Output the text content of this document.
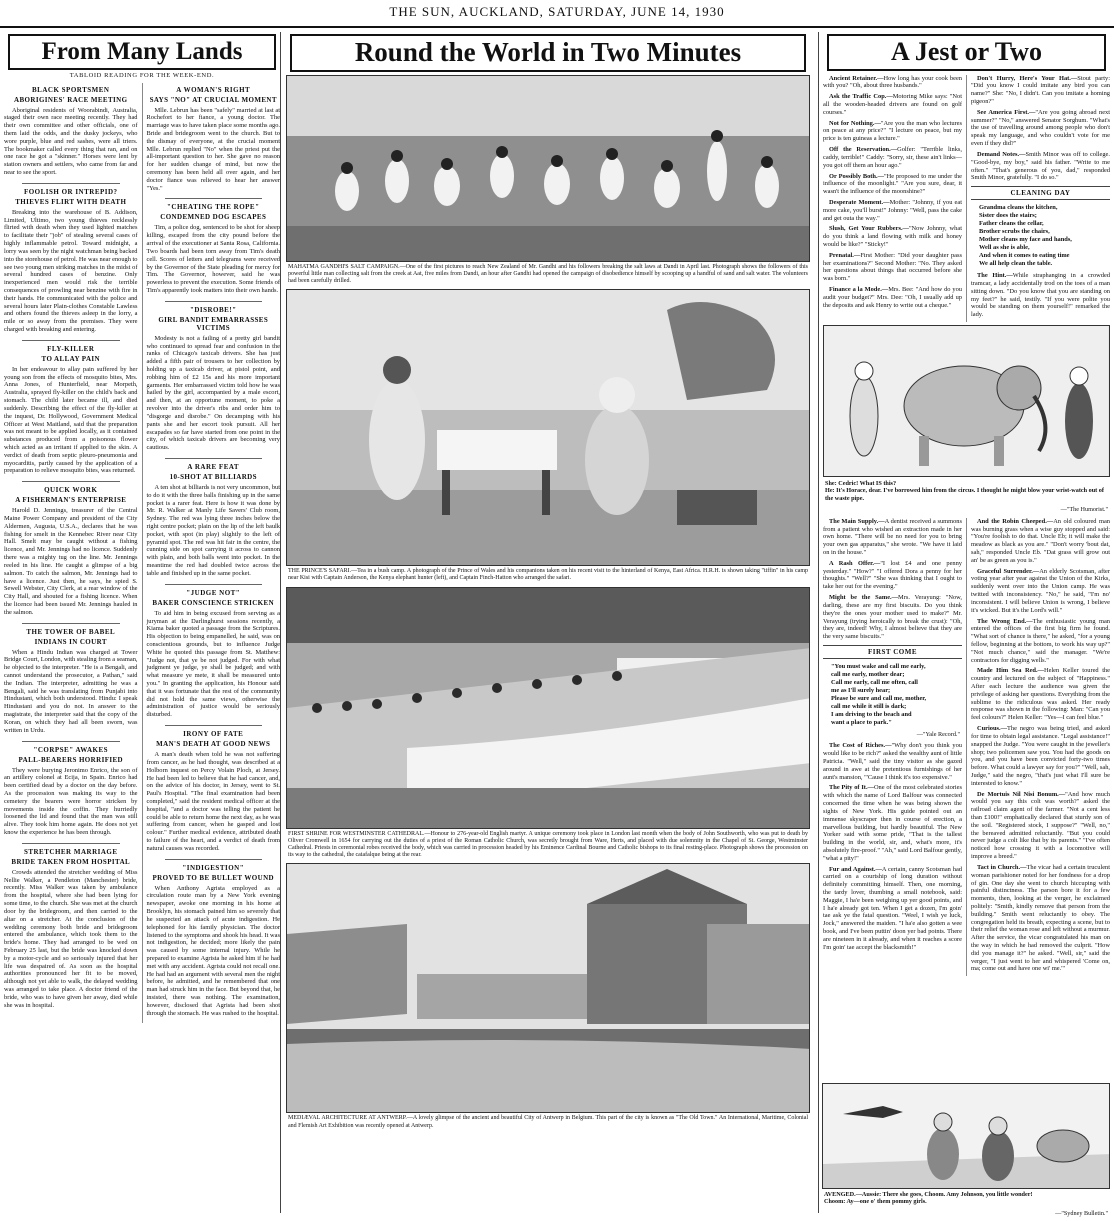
THE SUN, AUCKLAND, SATURDAY, JUNE 14, 1930
From Many Lands
TABLOID READING FOR THE WEEK-END.
BLACK SPORTSMEN
ABORIGINES' RACE MEETING

Aboriginal residents of Woorabindi, Australia, staged their own race meeting recently. They had their own committee and other officials, one of them laid the odds, and the dusky jockeys, who wore purple, blue and red sashes, were all triers. The bookmaker called every thing that ran, and on one race he got a "skinner." Horses were lent by station owners and settlers, who came from far and near to see the sport.

FOOLISH OR INTREPID?
THIEVES FLIRT WITH DEATH

Breaking into the warehouse of B. Addison, Limited, Ultimo, two young thieves recklessly flirted with death when they used lighted matches to facilitate their "job" of stealing several cases of highly inflammable petrol. Toward midnight, a lorry was seen by the night watchman being backed into the storehouse of petrol. He was near enough to see two young men striking matches in the midst of several hundred cases of benzine. Only inexperienced men would risk the terrible consequences of prowling near benzine with fire in their hands. He communicated with the police and several hours later Plain-clothes Constable Lawless and others found the thieves asleep in the lorry, a mile or so away from the premises. They were charged with breaking and entering.

FLY-KILLER
TO ALLAY PAIN

In her endeavour to allay pain suffered by her young son from the effects of mosquito bites, Mrs. Anna Jones, of Hunterfield, near Morpeth, Australia, sprayed fly-killer on the child's back and stomach. The child later became ill, and died suddenly. Describing the effect of the fly-killer at the inquest, Dr. Hollywood, Government Medical Officer at West Maitland, said that the preparation was not meant to be applied locally, as it contained substances produced from a poisonous flower which acted as an irritant if applied to the skin. A verdict of death from septic pleuro-pneumonia and myocarditis, partly caused by the application of a preparation to relieve mosquito bites, was returned.

QUICK WORK
A FISHERMAN'S ENTERPRISE

Harold D. Jennings, treasurer of the Central Maine Power Company and president of the City Aldermen, Augusta, U.S.A., declares that he was fishing for smelt in the Kennebec River near City Hall. Smelt may be caught without a fishing licence, and Mr. Jennings had no licence. Suddenly there was a mighty tug on the line. Mr. Jennings reeled in his line. He caught a glimpse of a big salmon. To catch the salmon, Mr. Jennings had to have a licence. Just then, he says, he spied S. Sewell Webster, City Clerk, at a rear window of the City Hall, and shouted for a fishing licence. When the licence had been issued Mr. Jennings hauled in the salmon.

THE TOWER OF BABEL
INDIANS IN COURT

When a Hindu Indian was charged at Tower Bridge Court, London, with stealing from a seaman, he objected to the interpreter. "He is a Bengali, and cannot understand the prosecutor, a Pathan," said the Indian. The interpreter, admitting he was a Bengali, said he was translating from Punjabi into Hindustani, which both understood. Hindu: I speak Hindustani and you do not. In answer to the magistrate, the interpreter said that the copy of the Koran, on which they had all been sworn, was written in Urdu.

"CORPSE" AWAKES
PALL-BEARERS HORRIFIED

They were burying Jeronimo Enrico, the son of an artillery colonel at Ecija, in Spain. Enrico had been certified dead by a doctor on the day before. As the procession was making its way to the cemetery the bearers were horror stricken by movements inside the coffin. They hurriedly loosened the lid and found that the man was still alive. They took him home again. He does not yet know the experience he has been through.

STRETCHER MARRIAGE
BRIDE TAKEN FROM HOSPITAL

Crowds attended the stretcher wedding of Miss Nellie Walker, a Pendleton (Manchester) bride, recently. Miss Walker was taken by ambulance from the hospital, where she had been lying for some time, to the church. She was met at the church door by the bridegroom, and then carried to the altar on a stretcher. At the conclusion of the wedding ceremony both bride and bridegroom entered the ambulance, which took them to the bride's home. They had arranged to be wed on February 25 last, but the bride was knocked down by a motor-cycle and so seriously injured that her life was despaired of. As soon as the hospital authorities pronounced her fit to be moved, although not yet able to walk, the delayed wedding was arranged to take place. A doctor friend of the bride, who was to have given her away, died while she was in hospital.

A WOMAN'S RIGHT
SAYS "NO" AT CRUCIAL MOMENT

Mlle. Lebrun has been "safely" married at last at Rochefort to her fiance, a young doctor. The marriage was to have taken place some months ago. Bride and bridegroom went to the church. But to the dismay of everyone, at the crucial moment Mlle. Lebrun replied "No" when the priest put the all-important question to her. She gave no reason for her sudden change of mind, but now the ceremony has been held all over again, and her doctor fiance was relieved to hear her answer "Yes."

"CHEATING THE ROPE"
CONDEMNED DOG ESCAPES

Tim, a police dog, sentenced to be shot for sheep killing, escaped from the city pound before the arrival of the executioner at Santa Rosa, California. Two boards had been torn away from Tim's death cell. Scores of letters and telegrams were received by the Governor of the State pleading for mercy for Tim. The Governor, however, said he was powerless to prevent the execution. Some friends of Tim's apparently took matters into their own hands.

"DISROBE!"
GIRL BANDIT EMBARRASSES VICTIMS

Modesty is not a failing of a pretty girl bandit who continued to spread fear and confusion in the ranks of Chicago's taxicab drivers. She has just added a fifth pair of trousers to her collection by holding up a taxicab driver, at pistol point, and robbing him of £2 15s and his more important garments. Her embarrassed victim told how he was hailed by the girl, accompanied by a male escort, and then, at an opportune moment, to poke a revolver into the driver's ribs and order him to "disgorge and disrobe." On decamping with his pants she and her escort took pursuit. All her escapades so far have started from one point in the city, of which taxicab drivers are becoming very cautious.

A RARE FEAT
10-SHOT AT BILLIARDS

A ten shot at billiards is not very uncommon, but to do it with the three balls finishing up in the same pocket is a rarer feat. Here is how it was done by Mr. R. Walker at Manly Life Savers' Club room, Sydney. The red was lying three inches below the right centre pocket; plain on the lip of the left baulk pocket, with spot (in play) slightly to the left of pyramid spot. The red was hit fair in the centre, the cunning side on spot carrying it across to cannon with plain, and both balls went into pocket. In the meantime the red had doubled twice across the table and finished up in the same pocket.

"JUDGE NOT"
BAKER CONSCIENCE STRICKEN

To aid him in being excused from serving as a juryman at the Darlinghurst sessions recently, a Kiama baker quoted a passage from the Scriptures. His objection to being empanelled, he said, was on conscientious grounds, but to influence Judge White he quoted this passage from St. Matthew: "Judge not, that ye be not judged. For with what judgment ye judge, ye shall be judged; and with what measure ye mete, it shall be measured unto you." In granting the application, his Honour said that it was fortunate that the rest of the community did not hold the same views, otherwise the administration of justice would be seriously disturbed.

IRONY OF FATE
MAN'S DEATH AT GOOD NEWS

A man's death when told he was not suffering from cancer, as he had thought, was described at a Holborn inquest on Percy Volain Ploch, at Jersey. He had been led to believe that he had cancer, and, on the advice of his doctor, in Jersey, went to St. Paul's Hospital. "The final examination had been completed," said the resident medical officer at the hospital, "and a doctor was telling the patient he could be able to return home the next day, as he was suffering from cancer, when he gasped and lost colour." Further medical evidence, attributed death to failure of the heart, and a verdict of death from natural causes was recorded.

"INDIGESTION"
PROVED TO BE BULLET WOUND

When Anthony Agrista employed as a circulation route man by a New York evening newspaper, awoke one morning in his home at Brooklyn, his stomach pained him so severely that he suspected an attack of acute indigestion. He telephoned for his family physician. The doctor listened to the symptoms and shook his head. It was not indigestion, he decided; more likely the pain was caused by some internal injury. While he prepared to examine Agrista he asked him if he had met with any accident. Agrista could not recall one. He had had an argument with several men the night before, he admitted, and he remembered that one man had struck him in the face. But beyond that, he insisted, there was nothing. The examination, however, disclosed that Agrista had been shot through the stomach. He was rushed to the hospital.

Round the World in Two Minutes
MAHATMA GANDHI'S SALT CAMPAIGN.—One of the first pictures to reach New Zealand of Mr. Gandhi and his followers breaking the salt laws at Dandi in April last. Photograph shows the followers of this powerful little man collecting salt from the creek at Aat, five miles from Dandi, an hour after Gandhi had opened the campaign of disobedience himself by scooping up a handful of sand and salt water. The volunteers had been carefully drilled.
THE PRINCE'S SAFARI.—Tea in a bush camp. A photograph of the Prince of Wales and his companions taken on his recent visit to the hinterland of Kenya, East Africa. H.R.H. is shown taking "tiffin" in his camp near Kisi with Captain Anderson, the Kenya elephant hunter (left), and Captain Finch-Hatton who arranged the safari.
FIRST SHRINE FOR WESTMINSTER CATHEDRAL.—Honour to 276-year-old English martyr. A unique ceremony took place in London last month when the body of John Southworth, who was put to death by Oliver Cromwell in 1654 for carrying out the duties of a priest of the Roman Catholic Church, was secretly brought from Ware, Herts, and placed with due solemnity in the Chapel of St. George, Westminster Cathedral. Priests in ceremonial robes received the body, which was carried in procession headed by his Eminence Cardinal Bourne and Catholic bishops to its final resting-place. Photograph shows the procession on its way to the cathedral, the catafalque being at the rear.
MEDIÆVAL ARCHITECTURE AT ANTWERP.—A lovely glimpse of the ancient and beautiful City of Antwerp in Belgium. This part of the city is known as "The Old Town." An International, Maritime, Colonial and Flemish Art Exhibition was recently opened at Antwerp.
A Jest or Two

Ancient Retainer.—How long has your cook been with you? "Oh, about three husbands."

Ask the Traffic Cop.—Motoring Mike says: "Not all the wooden-headed drivers are found on golf courses."

Not for Nothing.—"Are you the man who lectures on peace at any price?" "I lecture on peace, but my price is ten guineas a lecture."

Off the Reservation.—Golfer: "Terrible links, caddy, terrible!" Caddy: "Sorry, sir, these ain't links—you got off them an hour ago."

Or Possibly Both.—"He proposed to me under the influence of the moonlight." "Are you sure, dear, it wasn't the influence of the moonshine?"

Desperate Moment.—Mother: "Johnny, if you eat more cake, you'll burst!" Johnny: "Well, pass the cake and get outa the way."

Slush, Get Your Rubbers.—"Now Johnny, what do you think a land flowing with milk and honey would be like?" "Sticky!"

Prenatal.—First Mother: "Did your daughter pass her examinations?" Second Mother: "No. They asked her questions about things that occurred before she was born."

Finance a la Mode.—Mrs. Bee: "And how do you audit your budget?" Mrs. Dee: "Oh, I usually add up the deposits and ask Henry to write out a cheque."

Don't Hurry, Here's Your Hat.—Stout party: "Did you know I could imitate any bird you can name?" She: "No, I didn't. Can you imitate a homing pigeon?"

See America First.—"Are you going abroad next summer?" "No," answered Senator Sorghum. "What's the use of travelling around among people who don't speak my language, and who couldn't vote for me even if they did?"

Demand Notes.—Smith Minor was off to college. "Good-bye, my boy," said his father. "Write to me often." "That's generous of you, dad," responded Smith Minor, gratefully. "I do so."

CLEANING DAY
Grandma cleans the kitchen,
Sister does the stairs;
Father cleans the cellar,
Brother scrubs the chairs,
Mother cleans my face and hands,
Well as she is able,
And when it comes to eating time
We all help clean the table.

The Hint.—While straphanging in a crowded tramcar, a lady accidentally trod on the toes of a man sitting down. "Do you know that you are standing on my feet?" he said, testily. "If you were polite you would be standing on them yourself!" remarked the lady.

She: Cedric! What IS this?
He: It's Horace, dear. I've borrowed him from the circus. I thought he might blow your wrist-watch out of the waste pipe.
—"The Humorist."

The Main Supply.—A dentist received a summons from a patient who wished an extraction made in her own home. "There will be no need for you to bring your own gas apparatus," she wrote. "We have it laid on in the house."

A Rash Offer.—"I lost £4 and one penny yesterday." "How?" "I offered Dora a penny for her thoughts." "Well?" "She was thinking that I ought to take her out for the evening."

Might be the Same.—Mrs. Verayung: "Now, darling, these are my first biscuits. Do you think they're the ones your mother used to make?" Mr. Verayung (trying heroically to break the crust): "Oh, they are, indeed! Why, I almost believe that they are the very same biscuits."

FIRST COME
"You must wake and call me early,
call me early, mother dear;
Call me early, call me often, call
me as I'll surely hear;
Please be sure and call me, mother,
call me while it still is dark;
I am driving to the beach and
want a place to park."
—"Yale Record."

The Cost of Riches.—"Why don't you think you would like to be rich?" asked the wealthy aunt of little Patricia. "Well," said the tiny visitor as she gazed around in awe at the pretentious furnishings of her aunt's mansion, "'Cause I think it's too expensive."

The Pity of It.—One of the most celebrated stories with which the name of Lord Balfour was connected concerned the time when he was being shown the sights of New York. His guide pointed out an immense skyscraper then in course of erection, a marvellous building, but hardly beautiful. The New Yorker said with some pride, "That is the tallest building in the world, sir, and, what's more, it's absolutely fire-proof." "Ah," said Lord Balfour gently, "what a pity!"

Fur and Against.—A certain, canny Scotsman had carried on a courtship of long duration without definitely committing himself. Then, one morning, the tardy lover, thumbing a small notebook, said: Maggie, I ha'e been weighing up yer good points, and I ha'e already got ten. When I get a dozen, I'm goin' tae ask ye the fatal question. "Weel, I wish ye luck, Jock," answered the maiden. "I ha'e also gotten a wee book, and I've been puttin' doon yer bad points. There are nineteen in it already, and when it reaches a score I'm goin' tae accept the blacksmith!"

And the Robin Cheeped.—An old coloured man was burning grass when a wise guy stopped and said: "You're foolish to do that. Uncle Eb; it will make the meadow as black as you are." "Don't worry 'bout dat, sah," responded Uncle Eb. "Dat grass will grow out an' be as green as you is."

Graceful Surrender.—An elderly Scotsman, after voting year after year against the Union of the Kirks, suddenly went over into the Union camp. He was twitted with inconsistency. "No," he said, "I'm no' inconsistent. I will believe Union is wrong, I believe it's wicked. But it's the Lord's will."

The Wrong End.—The enthusiastic young man entered the offices of the first big firm he found. "What sort of chance is there," he asked, "for a young fellow, beginning at the bottom, to work his way up?" "Not much chance," said the manager. "We're contractors for digging wells."

Made Him Sea Red.—Helen Keller toured the country and lectured on the subject of "Happiness." After each lecture the audience was given the privilege of asking her questions. Everything from the sublime to the ridiculous was asked. Her ready response was shown in the following: Man: "Can you feel colours?" Helen Keller: "Yes—I can feel blue."

Curious.—The negro was being tried, and asked for time to obtain legal assistance. "Legal assistance!" snapped the Judge. "You were caught in the jeweller's shop; two policemen saw you. You had the goods on you, and you have been convicted forty-two times before. What could a lawyer say for you?" "Well, sah, Judge," said the negro, "that's just what I'll sure be interested to know."

De Mortuis Nil Nisi Bonum.—"And how much would you say this colt was worth?" asked the railroad claim agent of the farmer. "Not a cent less than £100!" emphatically declared that sturdy son of the soil. "Registered stock, I suppose?" "Well, no," the bereaved admitted reluctantly. "But you could never judge a colt like that by its parents." "I've often noticed how crossing it with a locomotive will improve a breed."

Tact in Church.—The vicar had a certain truculent woman parishioner noted for her fondness for a drop of gin. One day she went to church hiccuping with painful distinctness. The parson bore it for a few moments, then, looking at the verger, he exclaimed politely: "Smith, kindly remove that person from the building." Smith went reluctantly to obey. The congregation held its breath, expecting a scene, but to their relief the woman rose and left without a murmur. After the service, the vicar congratulated his man on the way in which he had removed the culprit. "How did you manage it?" he asked. "Well, sir," said the verger, "I just went to her and whispered 'Come on, ma; come out and have one wi' me.'"

AVENGED.—Aussie: There she goes, Choom. Amy Johnson, you little wonder!
Choom: Ay—one o' them pommy girls.
—"Sydney Bulletin."
